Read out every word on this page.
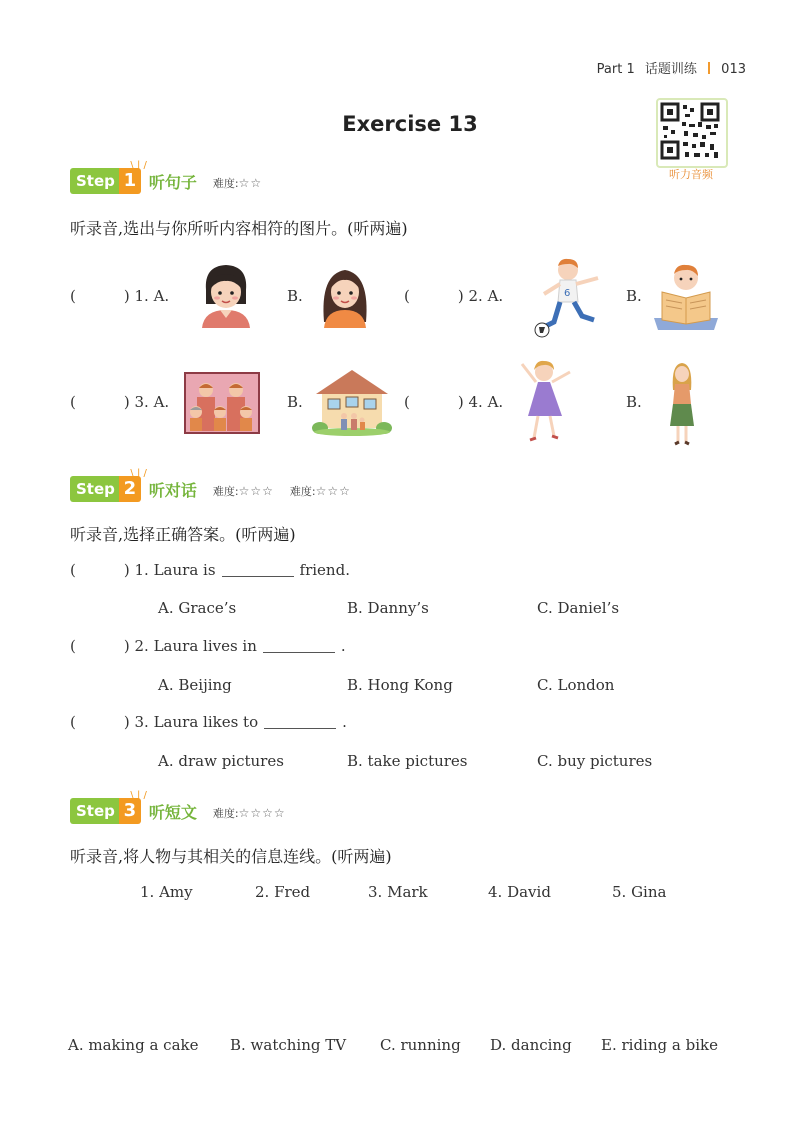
Part 1 话题训练 013
Exercise 13
听力音频
Step 1
\ | /
听句子 难度:☆☆
听录音,选出与你所听内容相符的图片。(听两遍)
(	) 1. A.	B.	(	) 2. A.	B.
(	) 3. A.	B.	(	) 4. A.	B.
6
Step 2
\ | /
听对话 难度:☆☆☆ 难度:☆☆☆
听录音,选择正确答案。(听两遍)
(	) 1. Laura is	friend.
A. Grace’s	B. Danny’s	C. Daniel’s
(	) 2. Laura lives in	.
A. Beijing	B. Hong Kong	C. London
(	) 3. Laura likes to	.
A. draw pictures	B. take pictures	C. buy pictures
Step 3
\ | /
听短文 难度:☆☆☆☆
听录音,将人物与其相关的信息连线。(听两遍)
1. Amy	2. Fred	3. Mark	4. David	5. Gina
A. making a cake B. watching TV C. running D. dancing E. riding a bike
